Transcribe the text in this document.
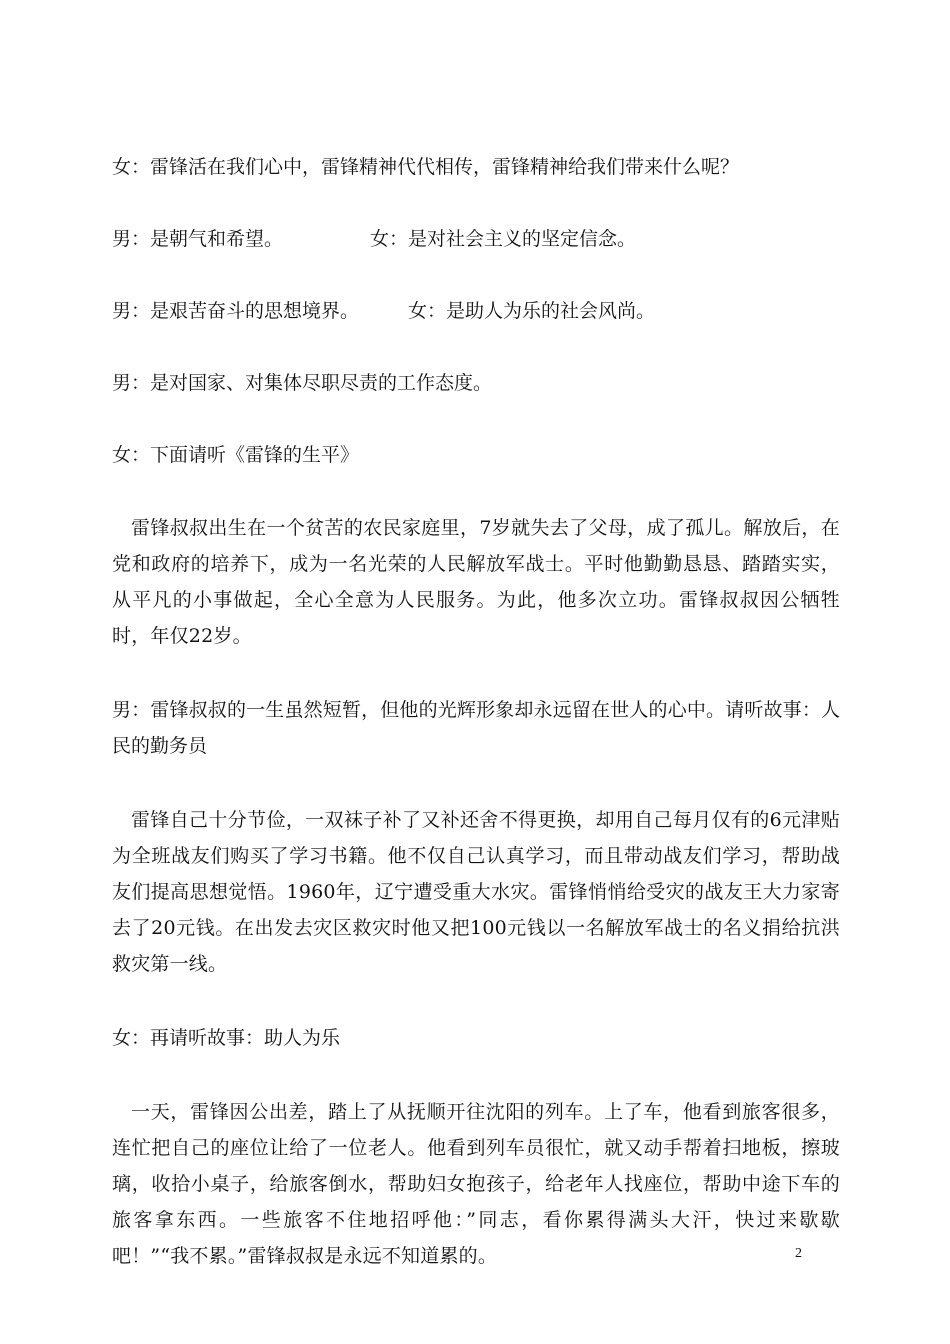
女：雷锋活在我们心中，雷锋精神代代相传，雷锋精神给我们带来什么呢？

男：是朝气和希望。	女：是对社会主义的坚定信念。
男：是艰苦奋斗的思想境界。	女：是助人为乐的社会风尚。

男：是对国家、对集体尽职尽责的工作态度。

女：下面请听《雷锋的生平》

雷锋叔叔出生在一个贫苦的农民家庭里，7岁就失去了父母，成了孤儿。解放后，在党和政府的培养下，成为一名光荣的人民解放军战士。平时他勤勤恳恳、踏踏实实，从平凡的小事做起，全心全意为人民服务。为此，他多次立功。雷锋叔叔因公牺牲时，年仅22岁。

男：雷锋叔叔的一生虽然短暂，但他的光辉形象却永远留在世人的心中。请听故事：人民的勤务员

雷锋自己十分节俭，一双袜子补了又补还舍不得更换，却用自己每月仅有的6元津贴为全班战友们购买了学习书籍。他不仅自己认真学习，而且带动战友们学习，帮助战友们提高思想觉悟。1960年，辽宁遭受重大水灾。雷锋悄悄给受灾的战友王大力家寄去了20元钱。在出发去灾区救灾时他又把100元钱以一名解放军战士的名义捐给抗洪救灾第一线。

女：再请听故事：助人为乐

一天，雷锋因公出差，踏上了从抚顺开往沈阳的列车。上了车，他看到旅客很多，连忙把自己的座位让给了一位老人。他看到列车员很忙，就又动手帮着扫地板，擦玻璃，收拾小桌子，给旅客倒水，帮助妇女抱孩子，给老年人找座位，帮助中途下车的旅客拿东西。一些旅客不住地招呼他：”同志，看你累得满头大汗，快过来歇歇吧！”“我不累。”雷锋叔叔是永远不知道累的。	2
